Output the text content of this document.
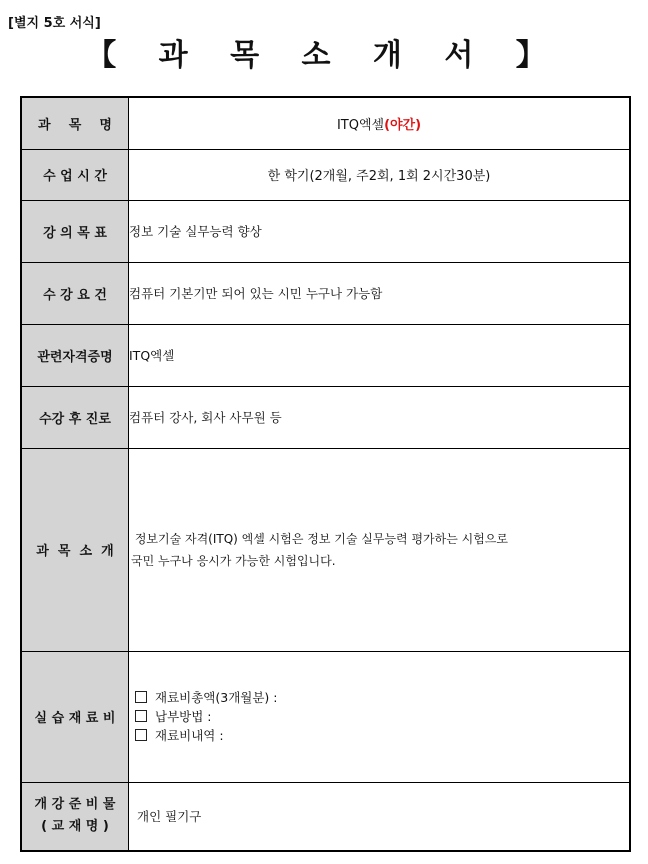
[별지 5호 서식]
【 과 목 소 개 서 】
과    목    명	ITQ엑셀(야간)
수 업 시 간	한 학기(2개월, 주2회, 1회 2시간30분)
강 의 목 표	정보 기술 실무능력 향상
수 강 요 건	컴퓨터 기본기만 되어 있는 시민 누구나 가능함
관련자격증명	ITQ엑셀
수강 후 진로	컴퓨터 강사, 회사 사무원 등
과  목  소  개	정보기술 자격(ITQ) 엑셀 시험은 정보 기술 실무능력 평가하는 시험으로
국민 누구나 응시가 가능한 시험입니다.

실 습 재 료 비	재료비총액(3개월분) :
납부방법 :
재료비내역 :

개 강 준 비 물
( 교 재 명 )	개인 필기구
